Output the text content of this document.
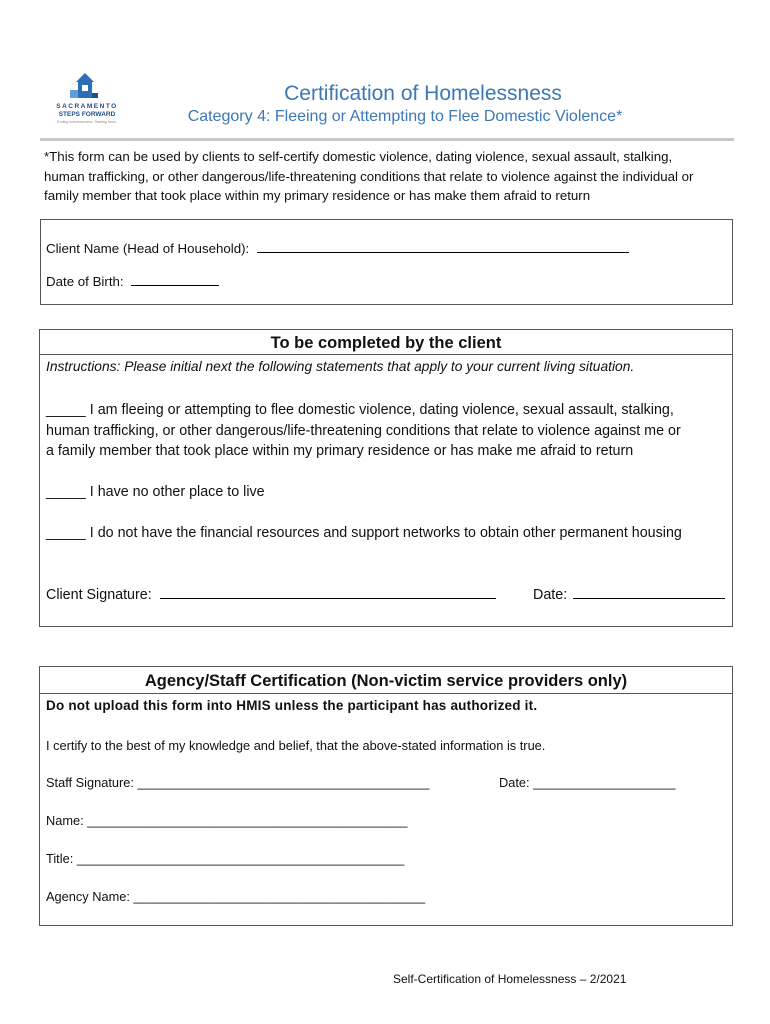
SACRAMENTO
STEPS FORWARD
Ending homelessness. Starting fresh.
Certification of Homelessness
Category 4: Fleeing or Attempting to Flee Domestic Violence*
*This form can be used by clients to self-certify domestic violence, dating violence, sexual assault, stalking,
human trafficking, or other dangerous/life-threatening conditions that relate to violence against the individual or
family member that took place within my primary residence or has make them afraid to return
Client Name (Head of Household):
Date of Birth:
To be completed by the client
Instructions: Please initial next the following statements that apply to your current living situation.
_____ I am fleeing or attempting to flee domestic violence, dating violence, sexual assault, stalking,
human trafficking, or other dangerous/life-threatening conditions that relate to violence against me or
a family member that took place within my primary residence or has make me afraid to return
_____ I have no other place to live
_____ I do not have the financial resources and support networks to obtain other permanent housing
Client Signature:	Date:
Agency/Staff Certification (Non-victim service providers only)
Do not upload this form into HMIS unless the participant has authorized it.
I certify to the best of my knowledge and belief, that the above-stated information is true.
Staff Signature: _________________________________________	Date: ____________________
Name: _____________________________________________
Title: ______________________________________________
Agency Name: _________________________________________
Self-Certification of Homelessness – 2/2021
